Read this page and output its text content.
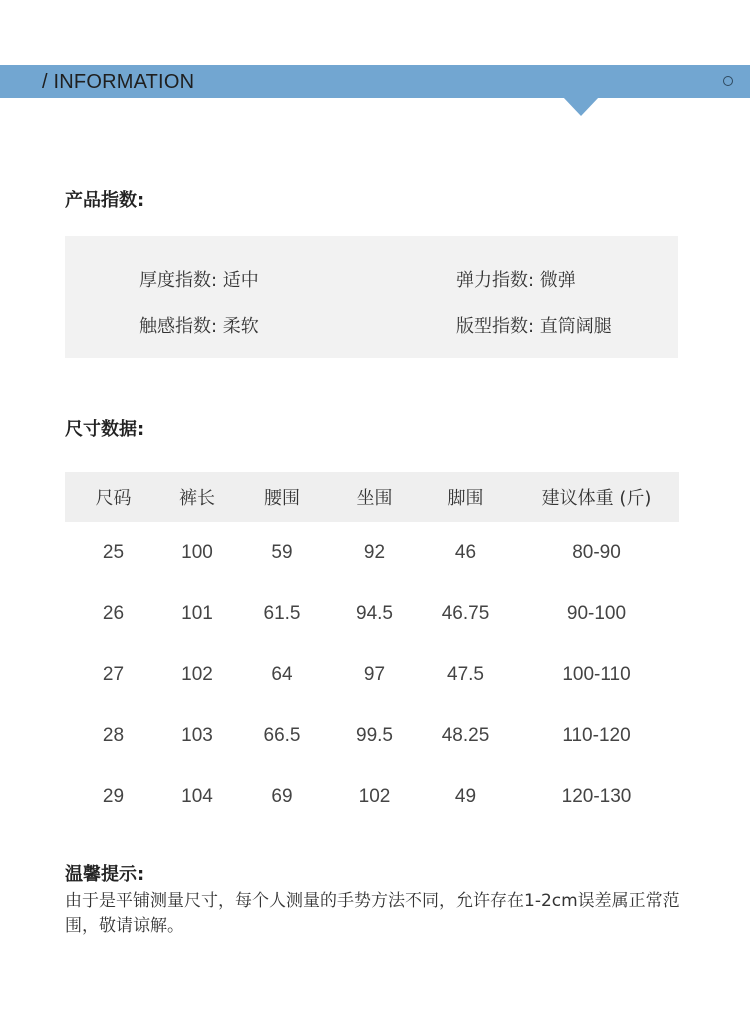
/ INFORMATION
产品指数:
厚度指数: 适中	弹力指数: 微弹
触感指数: 柔软	版型指数: 直筒阔腿
尺寸数据:
尺码	裤长	腰围	坐围	脚围	建议体重 (斤)
25	100	59	92	46	80-90
26	101	61.5	94.5	46.75	90-100
27	102	64	97	47.5	100-110
28	103	66.5	99.5	48.25	110-120
29	104	69	102	49	120-130
温馨提示:
由于是平铺测量尺寸，每个人测量的手势方法不同，允许存在1-2cm误差属正常范围，敬请谅解。
